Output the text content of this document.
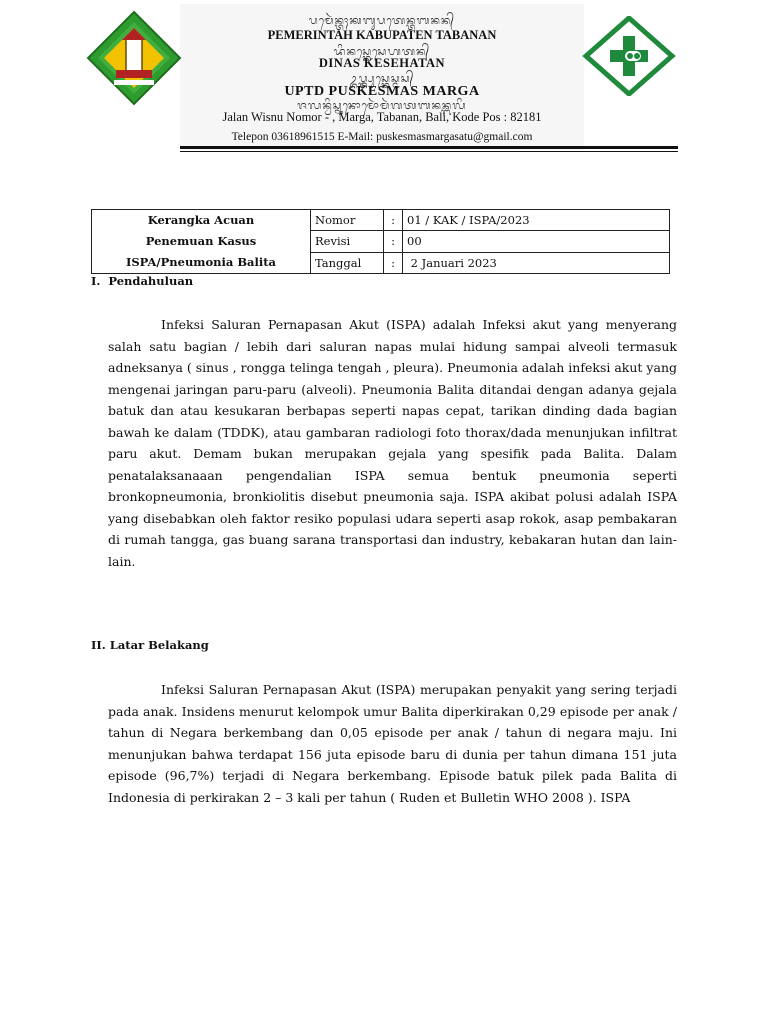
ᬧᬫᬾᬃᬦ᭄ᬢᬄᬓᬩᬸᬧᬢᬾᬦ᭄ᬢᬩᬦᬦ᭄
PEMERINTAH KABUPATEN TABANAN
ᬤᬶᬦᬲ᭄ᬓᬾᬲᬾᬳᬢᬦ᭄
DINAS KESEHATAN
ᬉᬧ᭄ᬢ᭄ᬤ᭄ᬧᬸᬲ᭄ᬓᬾᬲ᭄ᬫᬲ᭄
UPTD PUSKESMAS MARGA
ᬚᬮᬦ᭄ᬯᬶᬲ᭄ᬦᬸᬦᭀᬫᭀᬃᬫᬃᬕᬢᬩᬦᬦ᭄ᬩᬮᬶ
Jalan Wisnu Nomor - , Marga, Tabanan, Bali, Kode Pos : 82181
Telepon 03618961515 E-Mail: puskesmasmargasatu@gmail.com
Kerangka Acuan
Penemuan Kasus
ISPA/Pneumonia Balita	Nomor	:	01 / KAK / ISPA/2023
	Revisi	:	00
	Tanggal	:	2 Januari 2023
I.  Pendahuluan

Infeksi Saluran Pernapasan Akut (ISPA) adalah Infeksi akut yang menyerang salah satu bagian / lebih dari saluran napas mulai hidung sampai alveoli termasuk adneksanya ( sinus , rongga telinga tengah , pleura). Pneumonia adalah infeksi akut yang mengenai jaringan paru-paru (alveoli). Pneumonia Balita ditandai dengan adanya gejala batuk dan atau kesukaran berbapas seperti napas cepat, tarikan dinding dada bagian bawah ke dalam (TDDK), atau gambaran radiologi foto thorax/dada menunjukan infiltrat paru akut. Demam bukan merupakan gejala yang spesifik pada Balita. Dalam penatalaksanaaan pengendalian ISPA semua bentuk pneumonia seperti bronkopneumonia, bronkiolitis disebut pneumonia saja. ISPA akibat polusi adalah ISPA yang disebabkan oleh faktor resiko populasi udara seperti asap rokok, asap pembakaran di rumah tangga, gas buang sarana transportasi dan industry, kebakaran hutan dan lain-lain.

II. Latar Belakang

Infeksi Saluran Pernapasan Akut (ISPA) merupakan penyakit yang sering terjadi pada anak. Insidens menurut kelompok umur Balita diperkirakan 0,29 episode per anak / tahun di Negara berkembang dan 0,05 episode per anak / tahun di negara maju. Ini menunjukan bahwa terdapat 156 juta episode baru di dunia per tahun dimana 151 juta episode (96,7%) terjadi di Negara berkembang. Episode batuk pilek pada Balita di Indonesia di perkirakan 2 – 3 kali per tahun ( Ruden et Bulletin WHO 2008 ). ISPA
